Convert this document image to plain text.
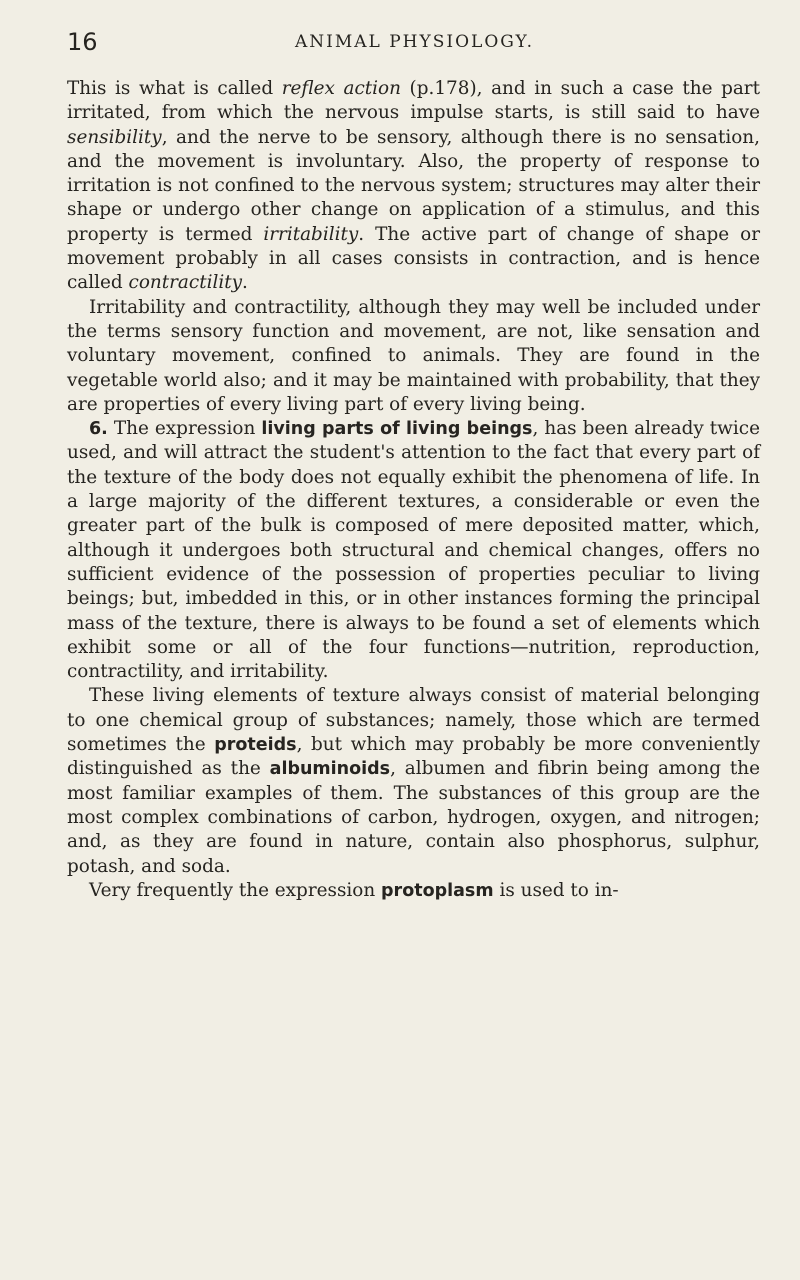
16	ANIMAL PHYSIOLOGY.

This is what is called reflex action (p.178), and in such a case the part irritated, from which the nervous impulse starts, is still said to have sensibility, and the nerve to be sensory, although there is no sensation, and the movement is involuntary. Also, the property of response to irritation is not confined to the nervous system; structures may alter their shape or undergo other change on application of a stimulus, and this property is termed irritability. The active part of change of shape or movement probably in all cases consists in contraction, and is hence called contractility.

Irritability and contractility, although they may well be included under the terms sensory function and movement, are not, like sensation and voluntary movement, confined to animals. They are found in the vegetable world also; and it may be maintained with probability, that they are properties of every living part of every living being.

6. The expression living parts of living beings, has been already twice used, and will attract the student's attention to the fact that every part of the texture of the body does not equally exhibit the phenomena of life. In a large majority of the different textures, a considerable or even the greater part of the bulk is composed of mere deposited matter, which, although it undergoes both structural and chemical changes, offers no sufficient evidence of the possession of properties peculiar to living beings; but, imbedded in this, or in other instances forming the principal mass of the texture, there is always to be found a set of elements which exhibit some or all of the four functions—nutrition, reproduction, contractility, and irritability.

These living elements of texture always consist of material belonging to one chemical group of substances; namely, those which are termed sometimes the proteids, but which may probably be more conveniently distinguished as the albuminoids, albumen and fibrin being among the most familiar examples of them. The substances of this group are the most complex combinations of carbon, hydrogen, oxygen, and nitrogen; and, as they are found in nature, contain also phosphorus, sulphur, potash, and soda.

Very frequently the expression protoplasm is used to in-
